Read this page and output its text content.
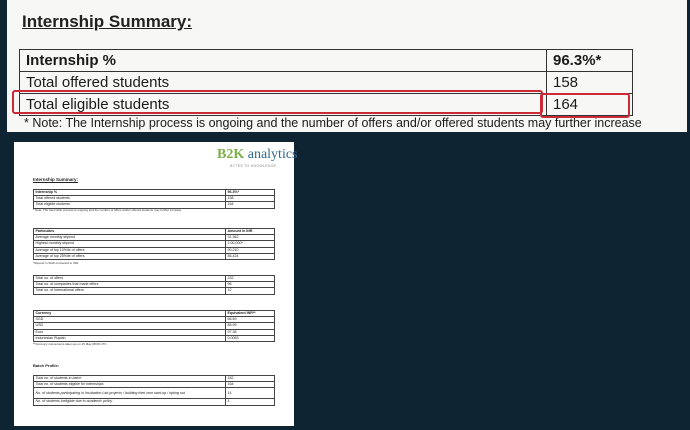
Internship Summary:
Internship %	96.3%*
Total offered students	158
Total eligible students	164
* Note: The Internship process is ongoing and the number of offers and/or offered students may further increase
B2K analytics
BYTES TO KNOWLEDGE
Internship Summary:
Internship %	96.3%*
Total offered students	158
Total eligible students	164
* Note: The Internship process is ongoing and the number of offers and/or offered students may further increase
Particulars	Amount in INR
Average monthly stipend	31,362
Highest monthly stipend	2,00,000*
Average of top 10%ile of offers	90,210
Average of top 25%ile of offers	56,424
*Stipend in SGD converted to INR
Total no. of offers	232
Total no. of companies that made offers	96
Total no. of International offers	12
Currency	Equivalent INR**
SGD	66.69
USD	85.99
Euro	97.38
Indonesian Rupiah	0.0053
**Currency conversions taken as on 15 May 08:00 UTC
Batch Profile:
Total no. of students in batch	182
Total no. of students eligible for internships	164
No. of students participating in Incubation Lab projects / building their own start-up / opting out	14
No. of students ineligible due to academic policy	4
